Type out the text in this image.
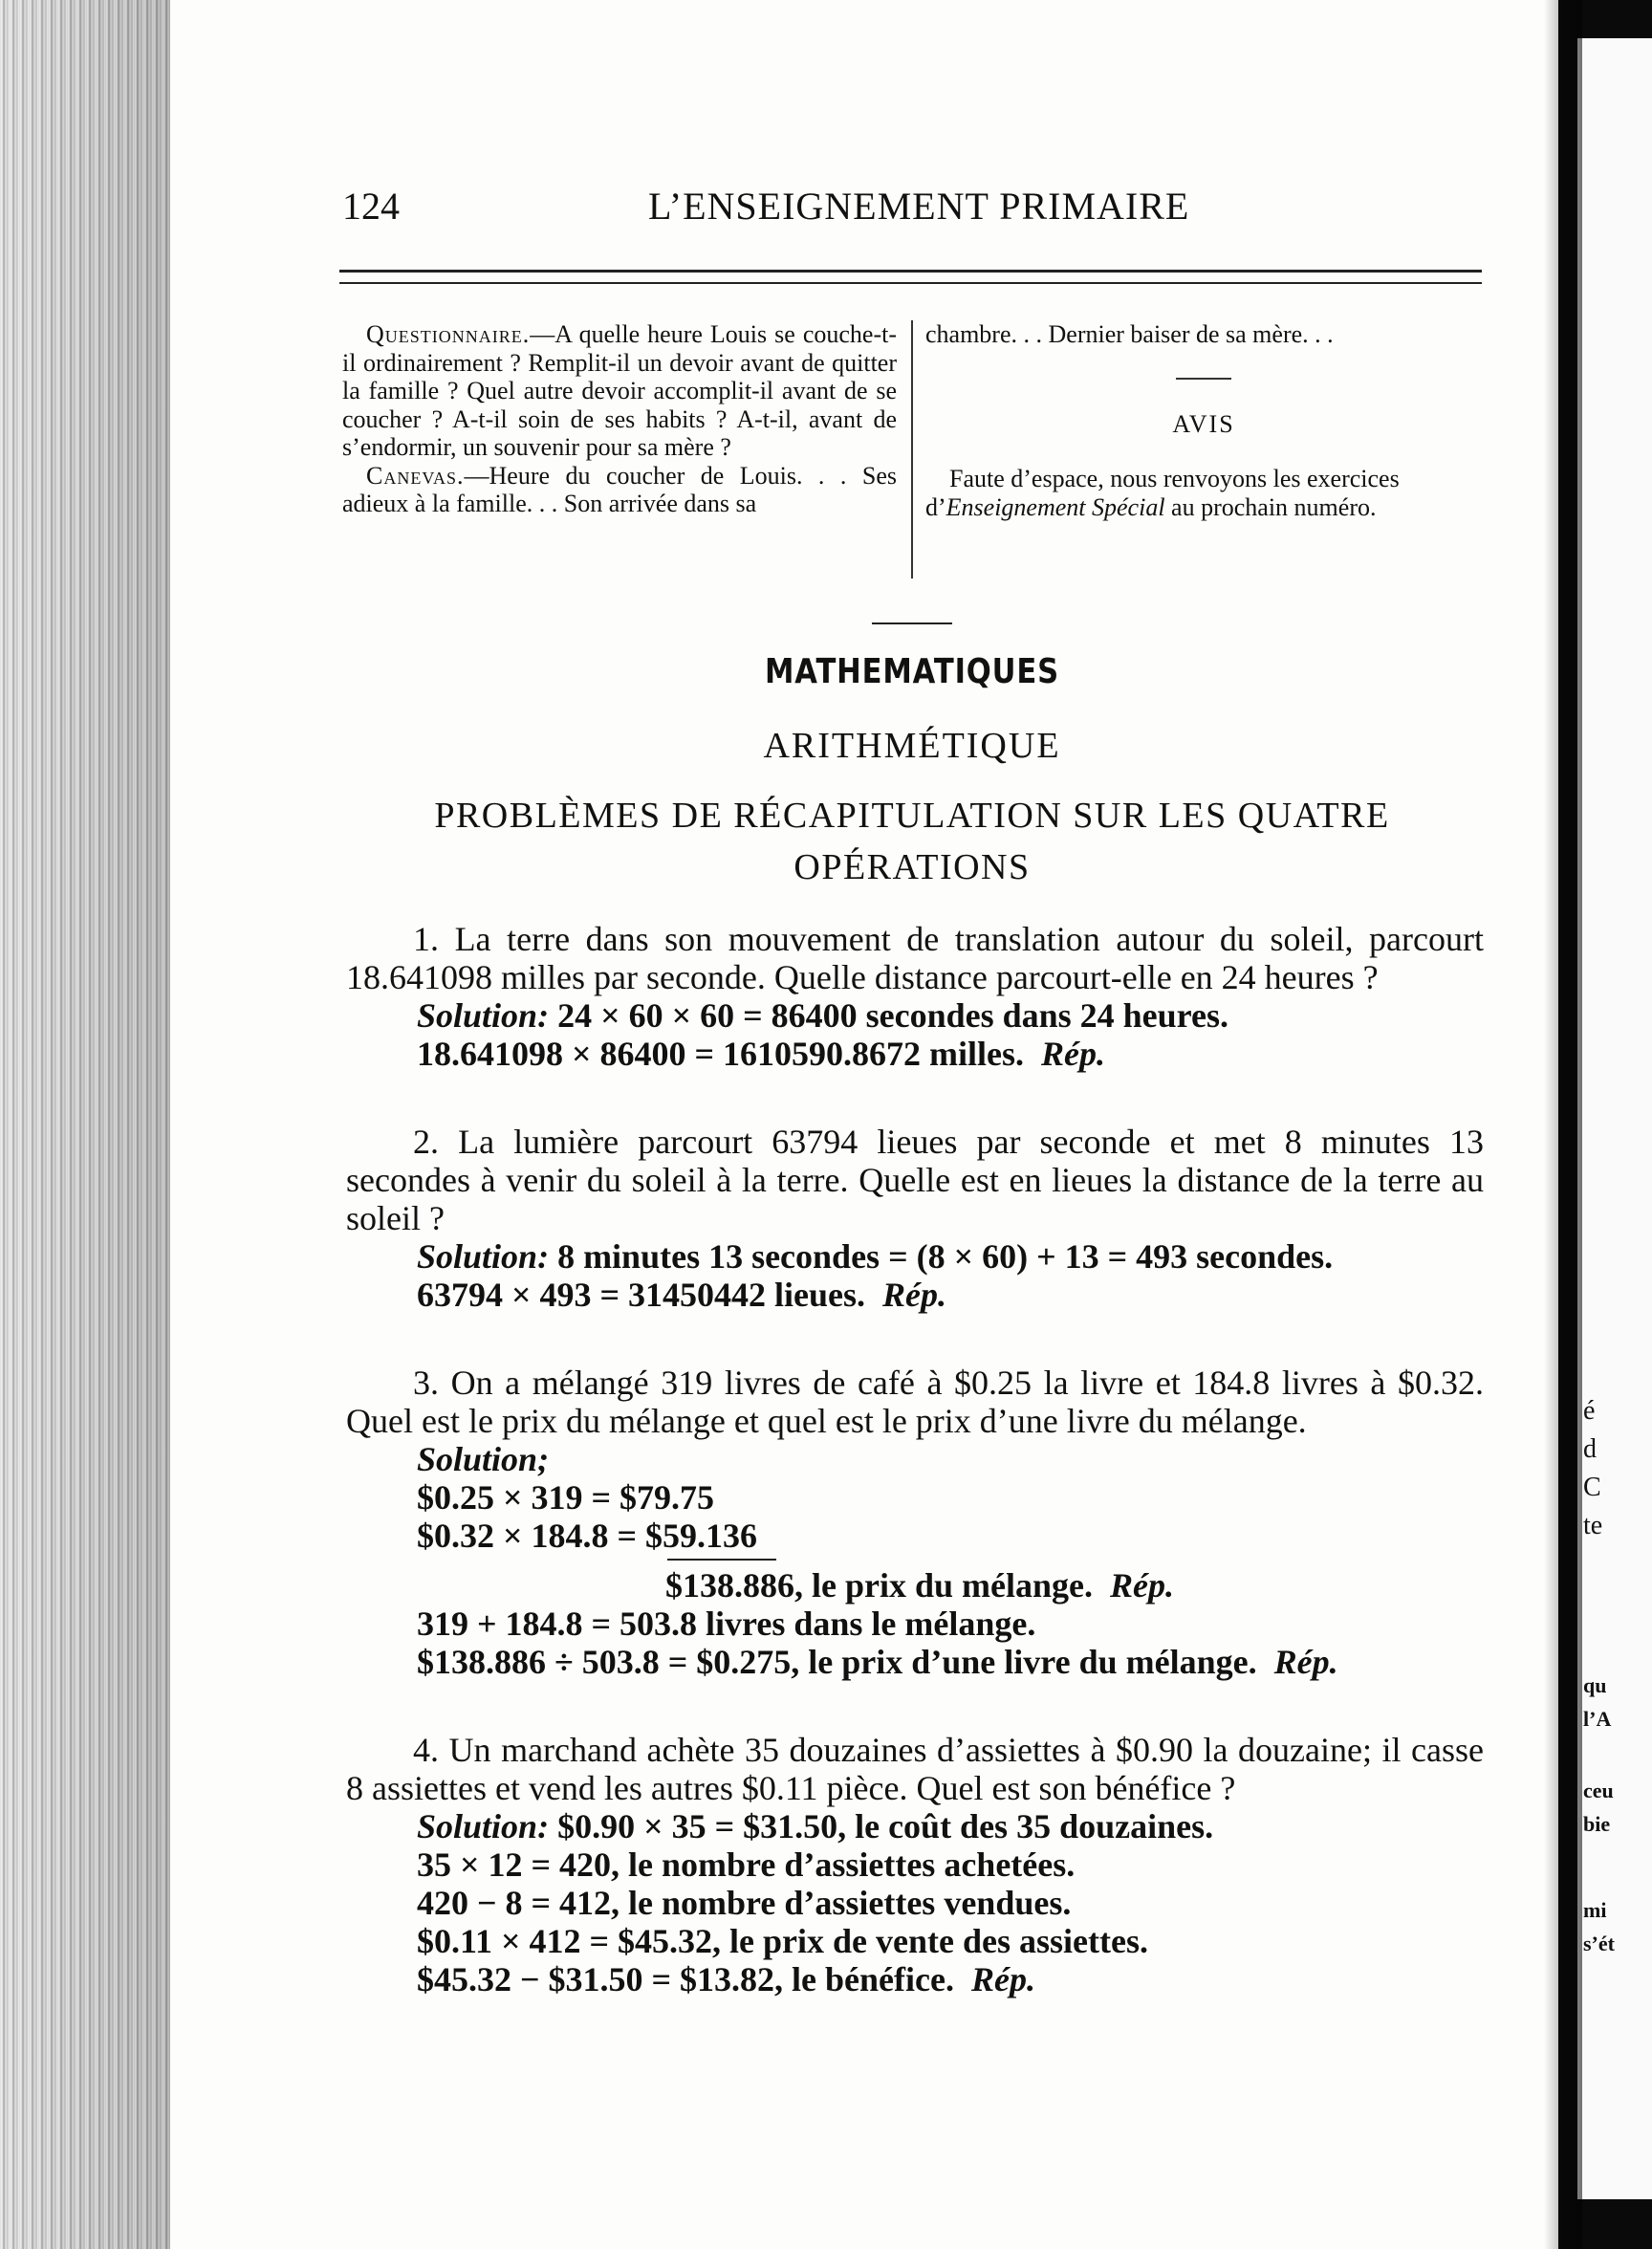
é
d
C
te
qu
l’A
ceu
bie
mi
s’ét
124	L’ENSEIGNEMENT PRIMAIRE

Questionnaire.—A quelle heure Louis se couche-t-il ordinairement ? Remplit-il un devoir avant de quitter la famille ? Quel autre devoir accomplit-il avant de se coucher ? A-t-il soin de ses habits ? A-t-il, avant de s’endormir, un souvenir pour sa mère ?

Canevas.—Heure du coucher de Louis. . . Ses adieux à la famille. . . Son arrivée dans sa

chambre. . . Dernier baiser de sa mère. . .

AVIS

Faute d’espace, nous renvoyons les exercices d’Enseignement Spécial au prochain numéro.

MATHEMATIQUES
ARITHMÉTIQUE
PROBLÈMES DE RÉCAPITULATION SUR LES QUATRE
OPÉRATIONS

1. La terre dans son mouvement de translation autour du soleil, parcourt 18.641098 milles par seconde. Quelle distance parcourt-elle en 24 heures ?

Solution: 24 × 60 × 60 = 86400 secondes dans 24 heures.

18.641098 × 86400 = 1610590.8672 milles. Rép.

2. La lumière parcourt 63794 lieues par seconde et met 8 minutes 13 secondes à venir du soleil à la terre. Quelle est en lieues la distance de la terre au soleil ?

Solution: 8 minutes 13 secondes = (8 × 60) + 13 = 493 secondes.

63794 × 493 = 31450442 lieues. Rép.

3. On a mélangé 319 livres de café à $0.25 la livre et 184.8 livres à $0.32. Quel est le prix du mélange et quel est le prix d’une livre du mélange.

Solution;

$0.25 × 319 = $79.75

$0.32 × 184.8 = $59.136

$138.886, le prix du mélange. Rép.

319 + 184.8 = 503.8 livres dans le mélange.

$138.886 ÷ 503.8 = $0.275, le prix d’une livre du mélange. Rép.

4. Un marchand achète 35 douzaines d’assiettes à $0.90 la douzaine; il casse 8 assiettes et vend les autres $0.11 pièce. Quel est son bénéfice ?

Solution: $0.90 × 35 = $31.50, le coût des 35 douzaines.

35 × 12 = 420, le nombre d’assiettes achetées.

420 − 8 = 412, le nombre d’assiettes vendues.

$0.11 × 412 = $45.32, le prix de vente des assiettes.

$45.32 − $31.50 = $13.82, le bénéfice. Rép.
